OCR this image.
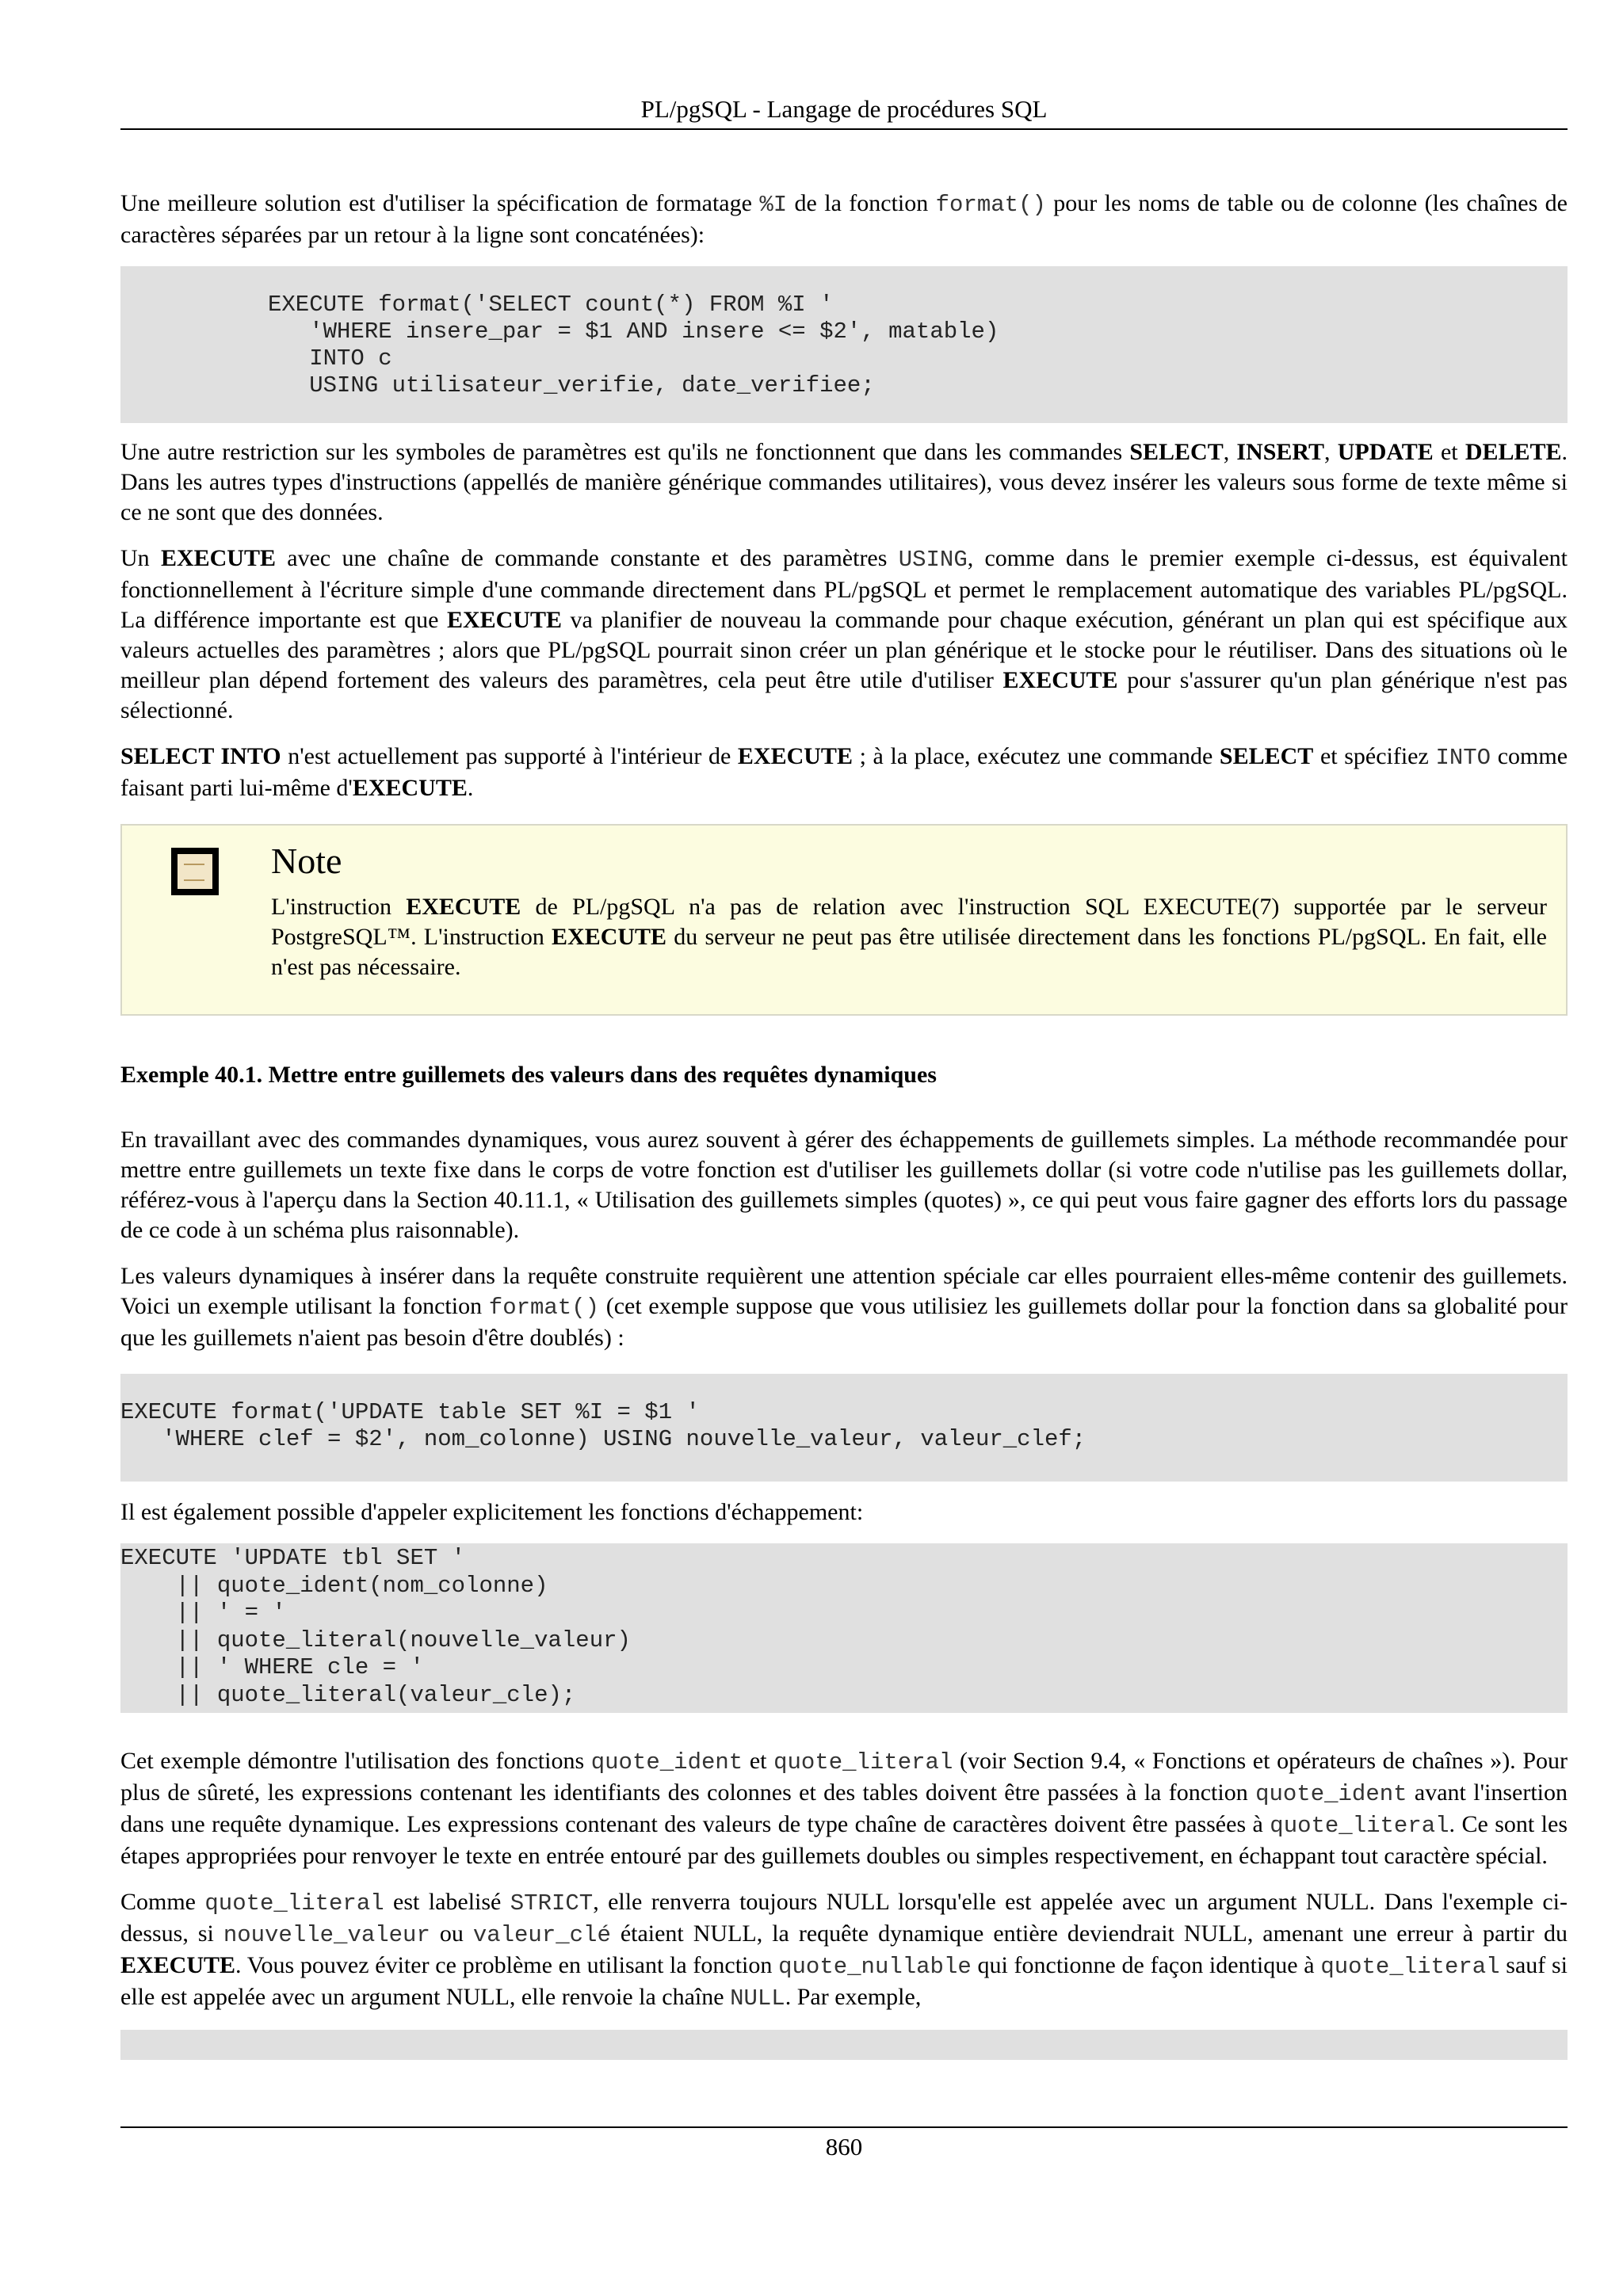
PL/pgSQL - Langage de procédures SQL

Une meilleure solution est d'utiliser la spécification de formatage %I de la fonction format() pour les noms de table ou de colonne (les chaînes de caractères séparées par un retour à la ligne sont concaténées):

EXECUTE format('SELECT count(*) FROM %I '
'WHERE insere_par = $1 AND insere <= $2', matable)
INTO c
USING utilisateur_verifie, date_verifiee;

Une autre restriction sur les symboles de paramètres est qu'ils ne fonctionnent que dans les commandes SELECT, INSERT, UPDATE et DELETE. Dans les autres types d'instructions (appellés de manière générique commandes utilitaires), vous devez insérer les valeurs sous forme de texte même si ce ne sont que des données.

Un EXECUTE avec une chaîne de commande constante et des paramètres USING, comme dans le premier exemple ci-dessus, est équivalent fonctionnellement à l'écriture simple d'une commande directement dans PL/pgSQL et permet le remplacement automatique des variables PL/pgSQL. La différence importante est que EXECUTE va planifier de nouveau la commande pour chaque exécution, générant un plan qui est spécifique aux valeurs actuelles des paramètres ; alors que PL/pgSQL pourrait sinon créer un plan générique et le stocke pour le réutiliser. Dans des situations où le meilleur plan dépend fortement des valeurs des paramètres, cela peut être utile d'utiliser EXECUTE pour s'assurer qu'un plan générique n'est pas sélectionné.

SELECT INTO n'est actuellement pas supporté à l'intérieur de EXECUTE ; à la place, exécutez une commande SELECT et spécifiez INTO comme faisant parti lui-même d'EXECUTE.

Note

L'instruction EXECUTE de PL/pgSQL n'a pas de relation avec l'instruction SQL EXECUTE(7) supportée par le serveur PostgreSQL™. L'instruction EXECUTE du serveur ne peut pas être utilisée directement dans les fonctions PL/pgSQL. En fait, elle n'est pas nécessaire.

Exemple 40.1. Mettre entre guillemets des valeurs dans des requêtes dynamiques

En travaillant avec des commandes dynamiques, vous aurez souvent à gérer des échappements de guillemets simples. La méthode recommandée pour mettre entre guillemets un texte fixe dans le corps de votre fonction est d'utiliser les guillemets dollar (si votre code n'utilise pas les guillemets dollar, référez-vous à l'aperçu dans la Section 40.11.1, « Utilisation des guillemets simples (quotes) », ce qui peut vous faire gagner des efforts lors du passage de ce code à un schéma plus raisonnable).

Les valeurs dynamiques à insérer dans la requête construite requièrent une attention spéciale car elles pourraient elles-même contenir des guillemets. Voici un exemple utilisant la fonction format() (cet exemple suppose que vous utilisiez les guillemets dollar pour la fonction dans sa globalité pour que les guillemets n'aient pas besoin d'être doublés) :

EXECUTE format('UPDATE table SET %I = $1 '
'WHERE clef = $2', nom_colonne) USING nouvelle_valeur, valeur_clef;

Il est également possible d'appeler explicitement les fonctions d'échappement:

EXECUTE 'UPDATE tbl SET '
|| quote_ident(nom_colonne)
|| ' = '
|| quote_literal(nouvelle_valeur)
|| ' WHERE cle = '
|| quote_literal(valeur_cle);

Cet exemple démontre l'utilisation des fonctions quote_ident et quote_literal (voir Section 9.4, « Fonctions et opérateurs de chaînes »). Pour plus de sûreté, les expressions contenant les identifiants des colonnes et des tables doivent être passées à la fonction quote_ident avant l'insertion dans une requête dynamique. Les expressions contenant des valeurs de type chaîne de caractères doivent être passées à quote_literal. Ce sont les étapes appropriées pour renvoyer le texte en entrée entouré par des guillemets doubles ou simples respectivement, en échappant tout caractère spécial.

Comme quote_literal est labelisé STRICT, elle renverra toujours NULL lorsqu'elle est appelée avec un argument NULL. Dans l'exemple ci-dessus, si nouvelle_valeur ou valeur_clé étaient NULL, la requête dynamique entière deviendrait NULL, amenant une erreur à partir du EXECUTE. Vous pouvez éviter ce problème en utilisant la fonction quote_nullable qui fonctionne de façon identique à quote_literal sauf si elle est appelée avec un argument NULL, elle renvoie la chaîne NULL. Par exemple,

860
